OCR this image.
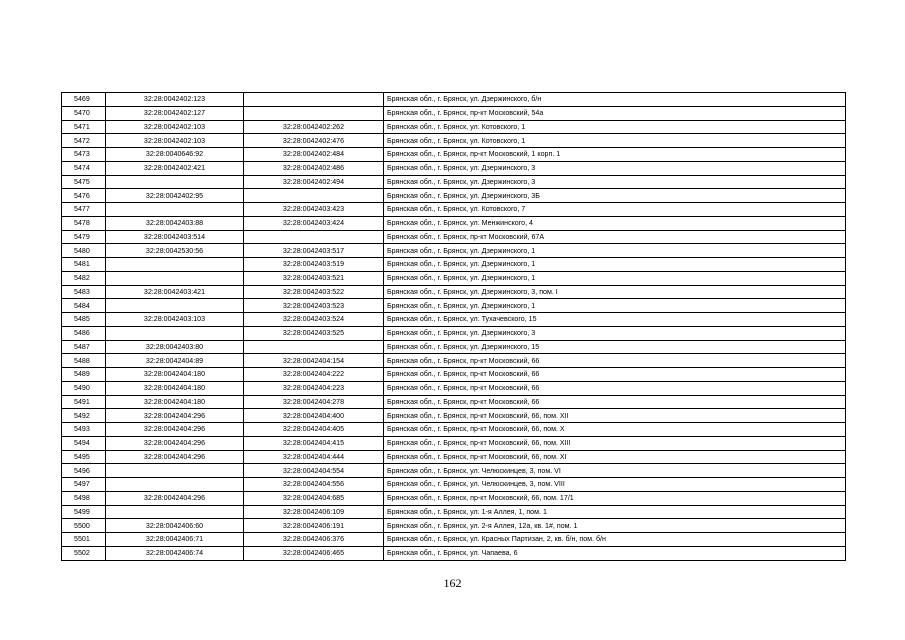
5469	32:28:0042402:123		Брянская обл., г. Брянск, ул. Дзержинского, б/н
5470	32:28:0042402:127		Брянская обл., г. Брянск, пр-кт Московский, 54а
5471	32:28:0042402:103	32:28:0042402:262	Брянская обл., г. Брянск, ул. Котовского, 1
5472	32:28:0042402:103	32:28:0042402:476	Брянская обл., г. Брянск, ул. Котовского, 1
5473	32:28:0040646:92	32:28:0042402:484	Брянская обл., г. Брянск, пр-кт Московский, 1 корп. 1
5474	32:28:0042402:421	32:28:0042402:486	Брянская обл., г. Брянск, ул. Дзержинского, 3
5475		32:28:0042402:494	Брянская обл., г. Брянск, ул. Дзержинского, 3
5476	32:28:0042402:95		Брянская обл., г. Брянск, ул. Дзержинского, 3Б
5477		32:28:0042403:423	Брянская обл., г. Брянск, ул. Котовского, 7
5478	32:28:0042403:88	32:28:0042403:424	Брянская обл., г. Брянск, ул. Менжинского, 4
5479	32:28:0042403:514		Брянская обл., г. Брянск, пр-кт Московский, 67А
5480	32:28:0042530:56	32:28:0042403:517	Брянская обл., г. Брянск, ул. Дзержинского, 1
5481		32:28:0042403:519	Брянская обл., г. Брянск, ул. Дзержинского, 1
5482		32:28:0042403:521	Брянская обл., г. Брянск, ул. Дзержинского, 1
5483	32:28:0042403:421	32:28:0042403:522	Брянская обл., г. Брянск, ул. Дзержинского, 3, пом. I
5484		32:28:0042403:523	Брянская обл., г. Брянск, ул. Дзержинского, 1
5485	32:28:0042403:103	32:28:0042403:524	Брянская обл., г. Брянск, ул. Тухачевского, 15
5486		32:28:0042403:525	Брянская обл., г. Брянск, ул. Дзержинского, 3
5487	32:28:0042403:80		Брянская обл., г. Брянск, ул. Дзержинского, 15
5488	32:28:0042404:89	32:28:0042404:154	Брянская обл., г. Брянск, пр-кт Московский, 66
5489	32:28:0042404:180	32:28:0042404:222	Брянская обл., г. Брянск, пр-кт Московский, 66
5490	32:28:0042404:180	32:28:0042404:223	Брянская обл., г. Брянск, пр-кт Московский, 66
5491	32:28:0042404:180	32:28:0042404:278	Брянская обл., г. Брянск, пр-кт Московский, 66
5492	32:28:0042404:296	32:28:0042404:400	Брянская обл., г. Брянск, пр-кт Московский, 66, пом. XII
5493	32:28:0042404:296	32:28:0042404:405	Брянская обл., г. Брянск, пр-кт Московский, 66, пом. X
5494	32:28:0042404:296	32:28:0042404:415	Брянская обл., г. Брянск, пр-кт Московский, 66, пом. XIII
5495	32:28:0042404:296	32:28:0042404:444	Брянская обл., г. Брянск, пр-кт Московский, 66, пом. XI
5496		32:28:0042404:554	Брянская обл., г. Брянск, ул. Челюскинцев, 3, пом. VI
5497		32:28:0042404:556	Брянская обл., г. Брянск, ул. Челюскинцев, 3, пом. VIII
5498	32:28:0042404:296	32:28:0042404:685	Брянская обл., г. Брянск, пр-кт Московский, 66, пом. 17/1
5499		32:28:0042406:109	Брянская обл., г. Брянск, ул. 1-я Аллея, 1, пом. 1
5500	32:28:0042406:60	32:28:0042406:191	Брянская обл., г. Брянск, ул. 2-я Аллея, 12а, кв. 1#, пом. 1
5501	32:28:0042406:71	32:28:0042406:376	Брянская обл., г. Брянск, ул. Красных Партизан, 2, кв. б/н, пом. б/н
5502	32:28:0042406:74	32:28:0042406:465	Брянская обл., г. Брянск, ул. Чапаева, 6
162
